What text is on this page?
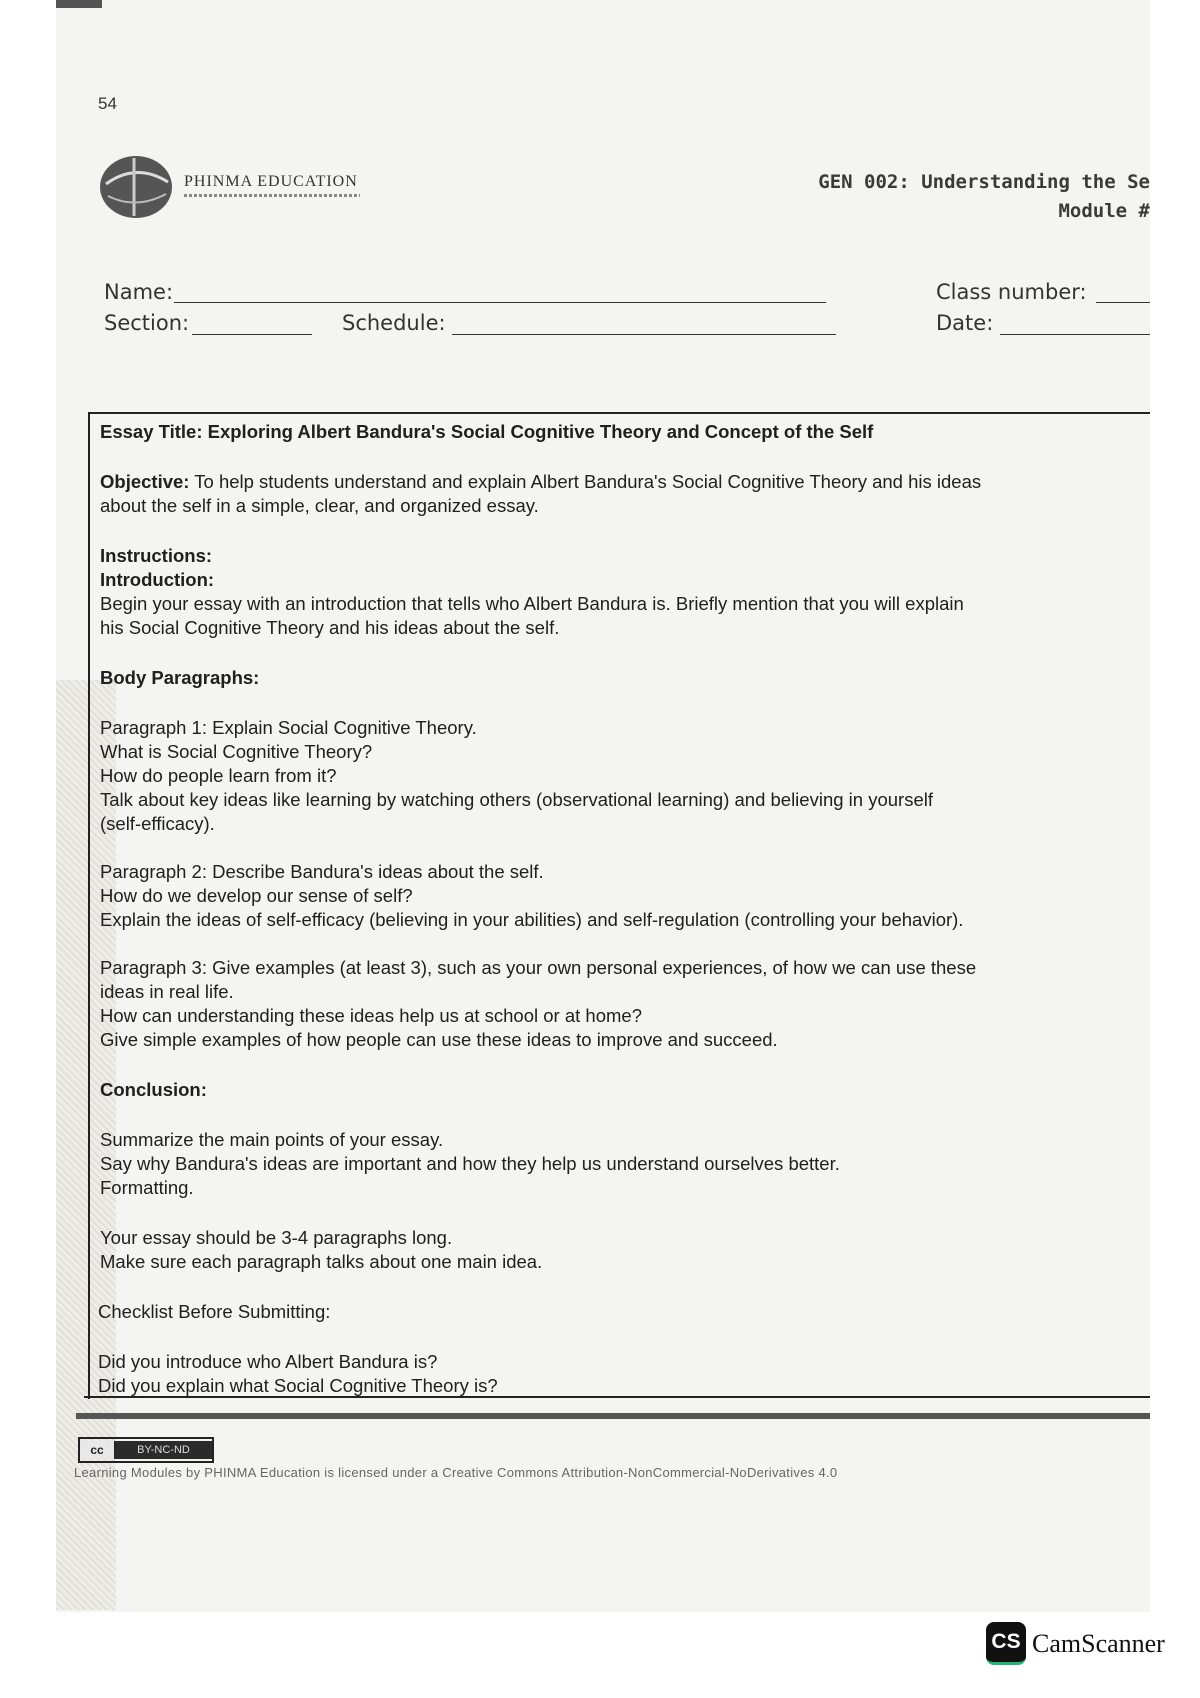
54
PHINMA EDUCATION	GEN 002: Understanding the Se
Module #
Name:
Section:	Schedule:
Class number:
Date:
Essay Title: Exploring Albert Bandura's Social Cognitive Theory and Concept of the Self
Objective: To help students understand and explain Albert Bandura's Social Cognitive Theory and his ideas
about the self in a simple, clear, and organized essay.
Instructions:
Introduction:
Begin your essay with an introduction that tells who Albert Bandura is. Briefly mention that you will explain
his Social Cognitive Theory and his ideas about the self.
Body Paragraphs:
Paragraph 1: Explain Social Cognitive Theory.
What is Social Cognitive Theory?
How do people learn from it?
Talk about key ideas like learning by watching others (observational learning) and believing in yourself
(self-efficacy).
Paragraph 2: Describe Bandura's ideas about the self.
How do we develop our sense of self?
Explain the ideas of self-efficacy (believing in your abilities) and self-regulation (controlling your behavior).
Paragraph 3: Give examples (at least 3), such as your own personal experiences, of how we can use these
ideas in real life.
How can understanding these ideas help us at school or at home?
Give simple examples of how people can use these ideas to improve and succeed.
Conclusion:
Summarize the main points of your essay.
Say why Bandura's ideas are important and how they help us understand ourselves better.
Formatting.
Your essay should be 3-4 paragraphs long.
Make sure each paragraph talks about one main idea.
Checklist Before Submitting:
Did you introduce who Albert Bandura is?
Did you explain what Social Cognitive Theory is?
cc	BY-NC-ND
Learning Modules by PHINMA Education is licensed under a Creative Commons Attribution-NonCommercial-NoDerivatives 4.0
CS CamScanner
